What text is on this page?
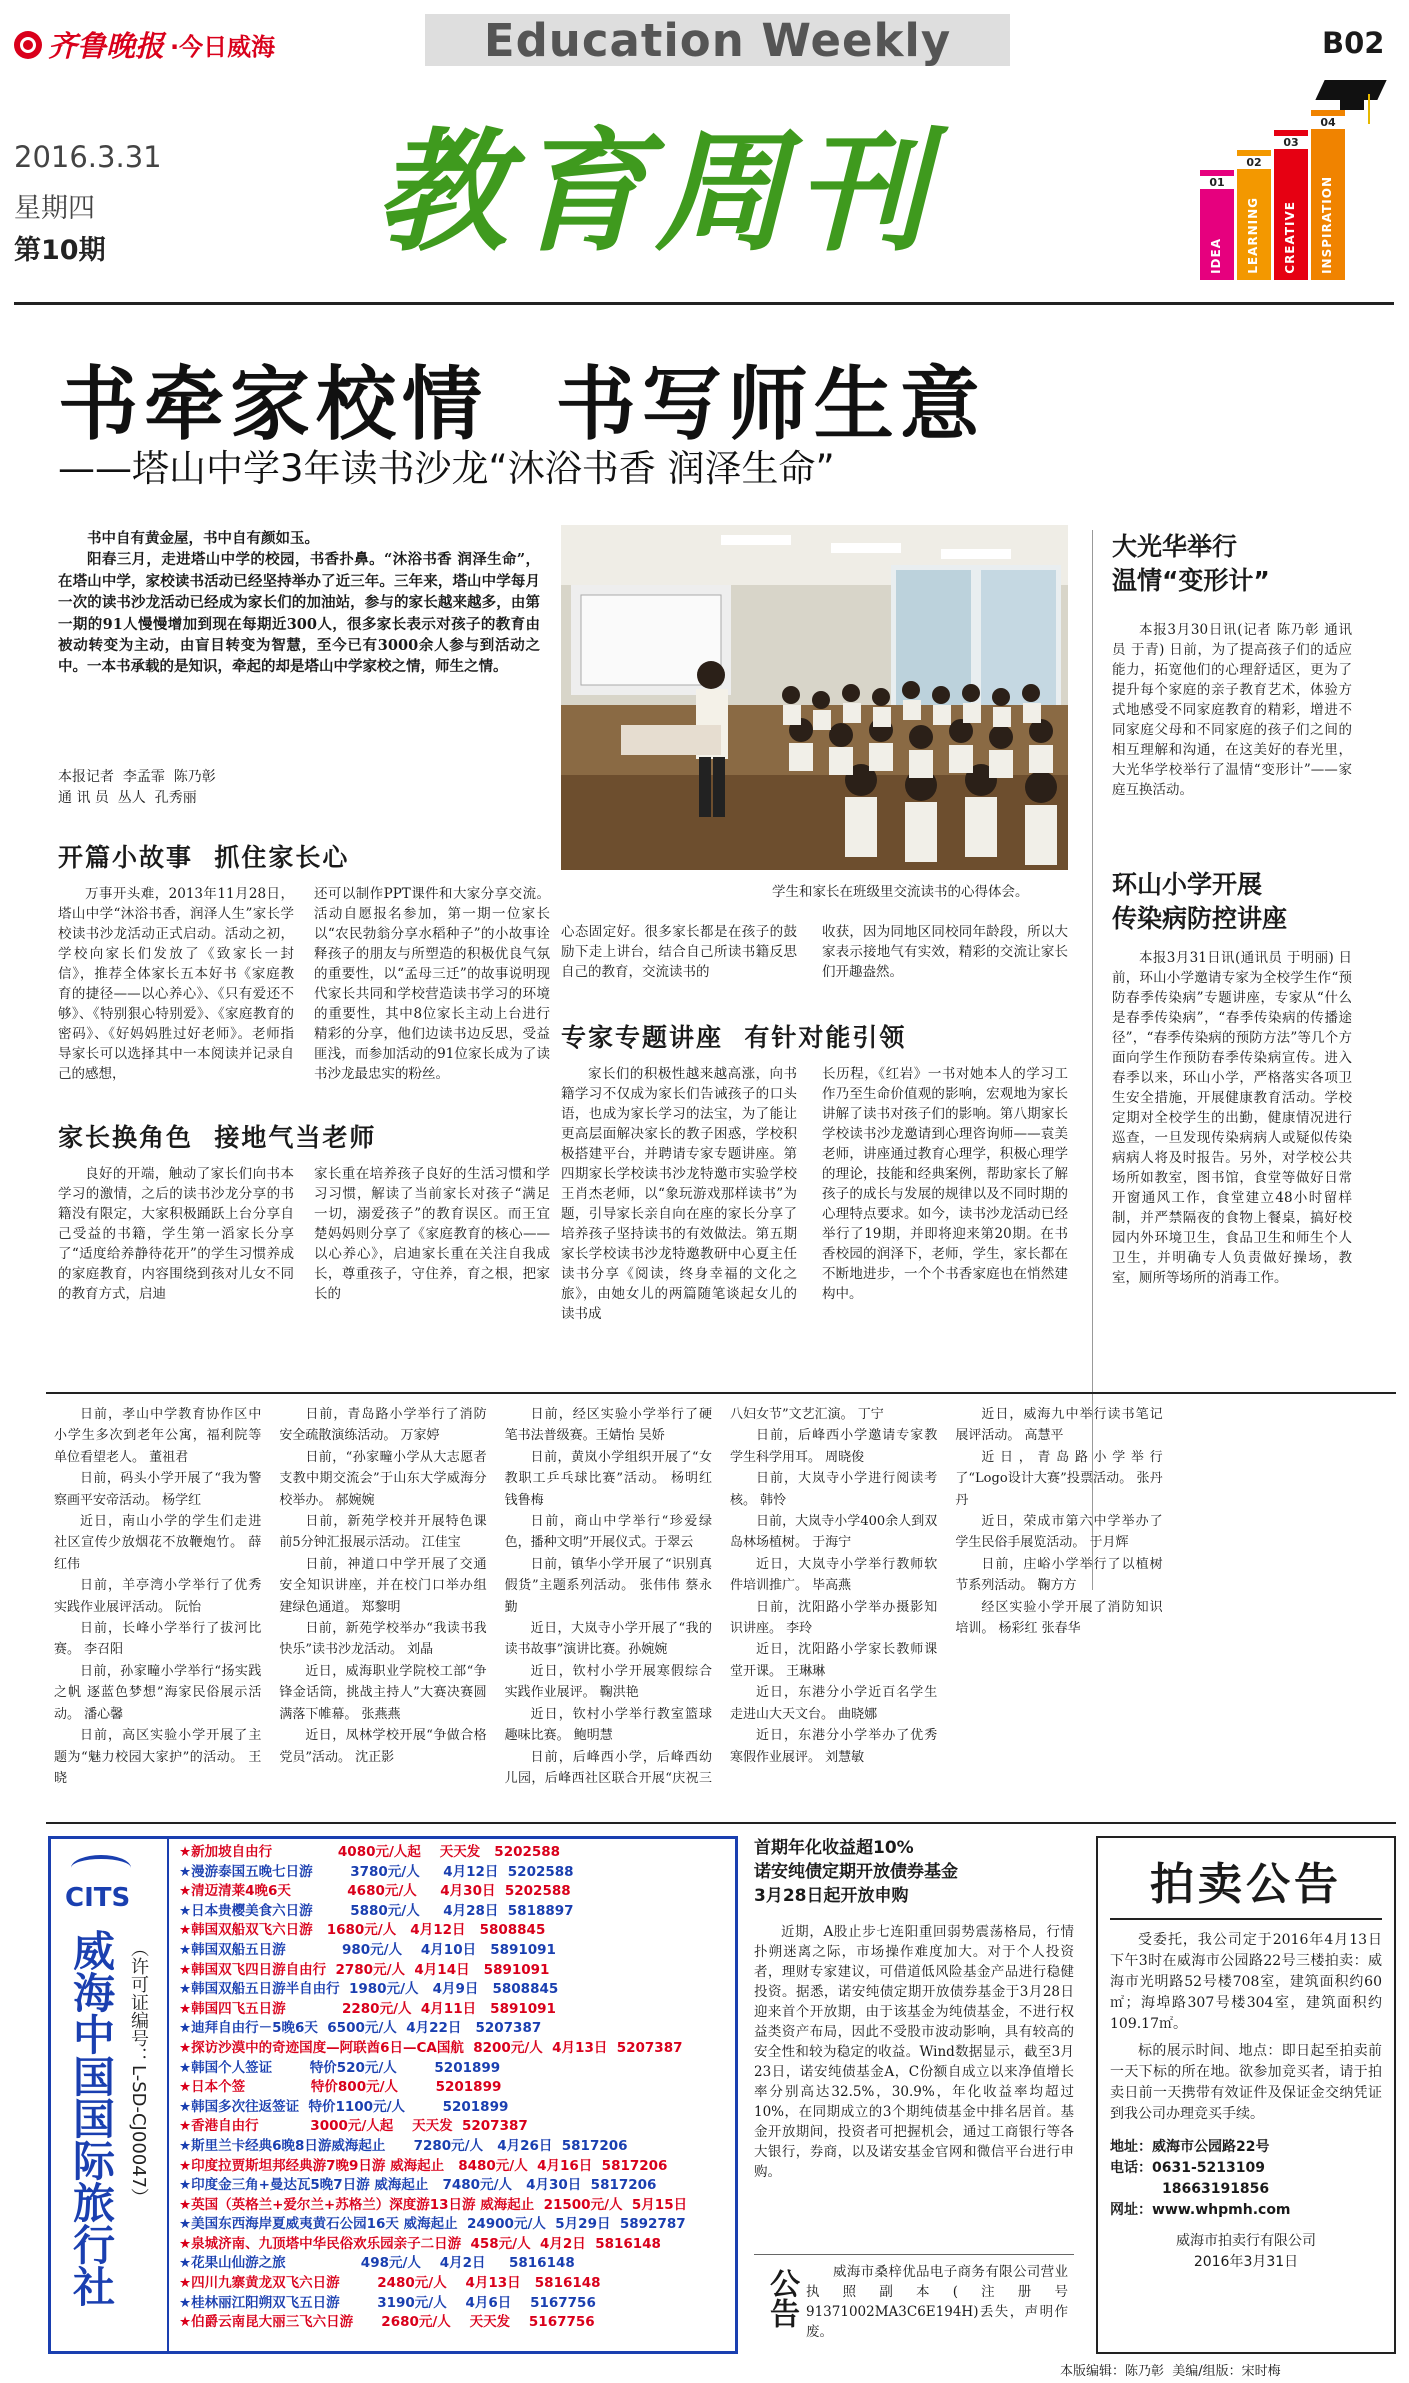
齐鲁晚报 ·今日威海	Education Weekly	B02
2016.3.31
星期四
第10期 教育周刊	01
IDEA
02
LEARNING
03
CREATIVE
04
INSPIRATION
书牵家校情  书写师生意
——塔山中学3年读书沙龙“沐浴书香 润泽生命”

书中自有黄金屋，书中自有颜如玉。

阳春三月，走进塔山中学的校园，书香扑鼻。“沐浴书香 润泽生命”，在塔山中学，家校读书活动已经坚持举办了近三年。三年来，塔山中学每月一次的读书沙龙活动已经成为家长们的加油站，参与的家长越来越多，由第一期的91人慢慢增加到现在每期近300人，很多家长表示对孩子的教育由被动转变为主动，由盲目转变为智慧，至今已有3000余人参与到活动之中。一本书承载的是知识，牵起的却是塔山中学家校之情，师生之情。

本报记者  李孟霏  陈乃彰
通 讯 员  丛人  孔秀丽
学生和家长在班级里交流读书的心得体会。
开篇小故事  抓住家长心

万事开头难，2013年11月28日，塔山中学“沐浴书香，润泽人生”家长学校读书沙龙活动正式启动。活动之初，学校向家长们发放了《致家长一封信》，推荐全体家长五本好书《家庭教育的捷径——以心养心》、《只有爱还不够》、《特别狠心特别爱》、《家庭教育的密码》、《好妈妈胜过好老师》。老师指导家长可以选择其中一本阅读并记录自己的感想，

还可以制作PPT课件和大家分享交流。活动自愿报名参加，第一期一位家长以“农民勃翁分享水稻种子”的小故事诠释孩子的朋友与所塑造的积极优良气氛的重要性，以“孟母三迁”的故事说明现代家长共同和学校营造读书学习的环境的重要性，其中8位家长主动上台进行精彩的分享，他们边读书边反思，受益匪浅，而参加活动的91位家长成为了读书沙龙最忠实的粉丝。

家长换角色  接地气当老师

良好的开端，触动了家长们向书本学习的激情，之后的读书沙龙分享的书籍没有限定，大家积极踊跃上台分享自己受益的书籍，学生第一滔家长分享了“适度给养静待花开”的学生习惯养成的家庭教育，内容围绕到孩对儿女不同的教育方式，启迪

家长重在培养孩子良好的生活习惯和学习习惯，解读了当前家长对孩子“满足一切，溺爱孩子”的教育误区。而王宜楚妈妈则分享了《家庭教育的核心——以心养心》，启迪家长重在关注自我成长，尊重孩子，守住养，育之根，把家长的

心态固定好。很多家长都是在孩子的鼓励下走上讲台，结合自己所读书籍反思自己的教育，交流读书的

收获，因为同地区同校同年龄段，所以大家表示接地气有实效，精彩的交流让家长们开趣盎然。

专家专题讲座  有针对能引领

家长们的积极性越来越高涨，向书籍学习不仅成为家长们告诫孩子的口头语，也成为家长学习的法宝，为了能让更高层面解决家长的教子困惑，学校积极搭建平台，并聘请专家专题讲座。第四期家长学校读书沙龙特邀市实验学校王肖杰老师，以“象玩游戏那样读书”为题，引导家长亲自向在座的家长分享了培养孩子坚持读书的有效做法。第五期家长学校读书沙龙特邀教研中心夏主任读书分享《阅读，终身幸福的文化之旅》，由她女儿的两篇随笔谈起女儿的读书成

长历程，《红岩》一书对她本人的学习工作乃至生命价值观的影响，宏观地为家长讲解了读书对孩子们的影响。第八期家长学校读书沙龙邀请到心理咨询师——袁美老师，讲座通过教育心理学，积极心理学的理论，技能和经典案例，帮助家长了解孩子的成长与发展的规律以及不同时期的心理特点要求。如今，读书沙龙活动已经举行了19期，并即将迎来第20期。在书香校园的润泽下，老师，学生，家长都在不断地进步，一个个书香家庭也在悄然建构中。

大光华举行
温情“变形计”

本报3月30日讯(记者 陈乃彰 通讯员 于青) 日前，为了提高孩子们的适应能力，拓宽他们的心理舒适区，更为了提升每个家庭的亲子教育艺术，体验方式地感受不同家庭教育的精彩，增进不同家庭父母和不同家庭的孩子们之间的相互理解和沟通，在这美好的春光里，大光华学校举行了温情“变形计”——家庭互换活动。

环山小学开展
传染病防控讲座

本报3月31日讯(通讯员 于明丽) 日前，环山小学邀请专家为全校学生作“预防春季传染病”专题讲座，专家从“什么是春季传染病”，“春季传染病的传播途径”，“春季传染病的预防方法”等几个方面向学生作预防春季传染病宣传。进入春季以来，环山小学，严格落实各项卫生安全措施，开展健康教育活动。学校定期对全校学生的出勤，健康情况进行巡查，一旦发现传染病病人或疑似传染病病人将及时报告。另外，对学校公共场所如教室，图书馆，食堂等做好日常开窗通风工作，食堂建立48小时留样制，并严禁隔夜的食物上餐桌，搞好校园内外环境卫生，食品卫生和师生个人卫生，并明确专人负责做好操场，教室，厕所等场所的消毒工作。

日前，孝山中学教育协作区中小学生多次到老年公寓，福利院等单位看望老人。 董祖君
日前，码头小学开展了“我为警察画平安帝活动。 杨学红
近日，南山小学的学生们走进社区宣传少放烟花不放鞭炮竹。 薛红伟
日前，羊亭湾小学举行了优秀实践作业展评活动。 阮怡
日前，长峰小学举行了拔河比赛。 李召阳
日前，孙家疃小学举行“扬实践之帆 逐蓝色梦想”海家民俗展示活动。 潘心馨
日前，高区实验小学开展了主题为“魅力校园大家护”的活动。 王晓
日前，青岛路小学举行了消防安全疏散演练活动。 万家婷
日前，“孙家疃小学从大志愿者支教中期交流会”于山东大学威海分校举办。 郝婉婉
日前，新苑学校并开展特色课前5分钟汇报展示活动。 江佳宝
日前，神道口中学开展了交通安全知识讲座，并在校门口举办组建绿色通道。 郑黎明
日前，新苑学校举办“我读书我快乐”读书沙龙活动。 刘晶
近日，威海职业学院校工部“争锋金话筒，挑战主持人”大赛决赛圆满落下帷幕。 张燕燕
近日，凤林学校开展“争做合格党员”活动。 沈正影
日前，经区实验小学举行了硬笔书法普级赛。王婧怡 吴娇
日前，黄岚小学组织开展了“女教职工乒乓球比赛”活动。 杨明红 钱鲁梅
日前，商山中学举行“珍爱绿色，播种文明”开展仪式。于翠云
日前，镇华小学开展了“识别真假货”主题系列活动。 张伟伟 蔡永勤
近日，大岚寺小学开展了“我的读书故事”演讲比赛。孙婉婉
近日，钦村小学开展寒假综合实践作业展评。 鞠洪艳
近日，钦村小学举行教室篮球趣味比赛。 鲍明慧
日前，后峰西小学，后峰西幼儿园，后峰西社区联合开展“庆祝三八妇女节”文艺汇演。 丁宁
日前，后峰西小学邀请专家教学生科学用耳。 周晓俊
日前，大岚寺小学进行阅读考核。 韩怜
日前，大岚寺小学400余人到双岛林场植树。 于海宁
近日，大岚寺小学举行教师软件培训推广。 毕高燕
日前，沈阳路小学举办摄影知识讲座。 李玲
近日，沈阳路小学家长教师课堂开课。 王琳琳
近日，东港分小学近百名学生走进山大天文台。 曲晓娜
近日，东港分小学举办了优秀寒假作业展评。 刘慧敏
近日，威海九中举行读书笔记展评活动。 高慧平
近日，青岛路小学举行了“Logo设计大赛”投票活动。 张丹丹
近日，荣成市第六中学举办了学生民俗手展览活动。 于月辉
日前，庄峪小学举行了以植树节系列活动。 鞠方方
经区实验小学开展了消防知识培训。 杨彩红 张春华
CITS
威海中国国际旅行社 （许可证编号：L-SD-CJ00047）
★新加坡自由行              4080元/人起    天天发   5202588
★漫游泰国五晚七日游        3780元/人     4月12日  5202588
★清迈清莱4晚6天            4680元/人     4月30日  5202588
★日本贵樱美食六日游        5880元/人     4月28日  5818897
★韩国双船双飞六日游   1680元/人   4月12日   5808845
★韩国双船五日游            980元/人    4月10日   5891091
★韩国双飞四日游自由行  2780元/人  4月14日   5891091
★韩国双船五日游半自由行  1980元/人   4月9日   5808845
★韩国四飞五日游            2280元/人  4月11日   5891091
★迪拜自由行－5晚6天  6500元/人  4月22日   5207387
★探访沙漠中的奇迹国度—阿联酋6日—CA国航  8200元/人  4月13日  5207387
★韩国个人签证        特价520元/人        5201899
★日本个签              特价800元/人        5201899
★韩国多次往返签证  特价1100元/人        5201899
★香港自由行           3000元/人起    天天发  5207387
★斯里兰卡经典6晚8日游威海起止      7280元/人   4月26日  5817206
★印度拉贾斯坦邦经典游7晚9日游 威海起止   8480元/人  4月16日  5817206
★印度金三角+曼达瓦5晚7日游 威海起止   7480元/人   4月30日  5817206
★英国（英格兰+爱尔兰+苏格兰）深度游13日游 威海起止  21500元/人  5月15日
★美国东西海岸夏威夷黄石公园16天 威海起止  24900元/人  5月29日  5892787
★泉城济南、九顶塔中华民俗欢乐园亲子二日游  458元/人  4月2日  5816148
★花果山仙游之旅                498元/人    4月2日     5816148
★四川九寨黄龙双飞六日游        2480元/人    4月13日   5816148
★桂林丽江阳朔双飞五日游        3190元/人    4月6日    5167756
★伯爵云南昆大丽三飞六日游      2680元/人    天天发    5167756
首期年化收益超10%
诺安纯债定期开放债券基金
3月28日起开放申购

近期，A股止步七连阳重回弱势震荡格局，行情扑朔迷离之际，市场操作难度加大。对于个人投资者，理财专家建议，可借道低风险基金产品进行稳健投资。据悉，诺安纯债定期开放债券基金于3月28日迎来首个开放期，由于该基金为纯债基金，不进行权益类资产布局，因此不受股市波动影响，具有较高的安全性和较为稳定的收益。Wind数据显示，截至3月23日，诺安纯债基金A，C份额自成立以来净值增长率分别高达32.5%，30.9%，年化收益率均超过10%，在同期成立的3个期纯债基金中排名居首。基金开放期间，投资者可把握机会，通过工商银行等各大银行，券商，以及诺安基金官网和微信平台进行申购。

公告	威海市桑梓优品电子商务有限公司营业执照副本(注册号91371002MA3C6E194H)丢失，声明作废。

拍卖公告

受委托，我公司定于2016年4月13日下午3时在威海市公园路22号三楼拍卖：威海市光明路52号楼708室，建筑面积约60㎡；海埠路307号楼304室，建筑面积约109.17㎡。

标的展示时间、地点：即日起至拍卖前一天下标的所在地。欲参加竞买者，请于拍卖日前一天携带有效证件及保证金交纳凭证到我公司办理竞买手续。

地址：威海市公园路22号
电话：0631-5213109
18663191856
网址：www.whpmh.com
威海市拍卖行有限公司
2016年3月31日
本版编辑：陈乃彰  美编/组版：宋时梅
